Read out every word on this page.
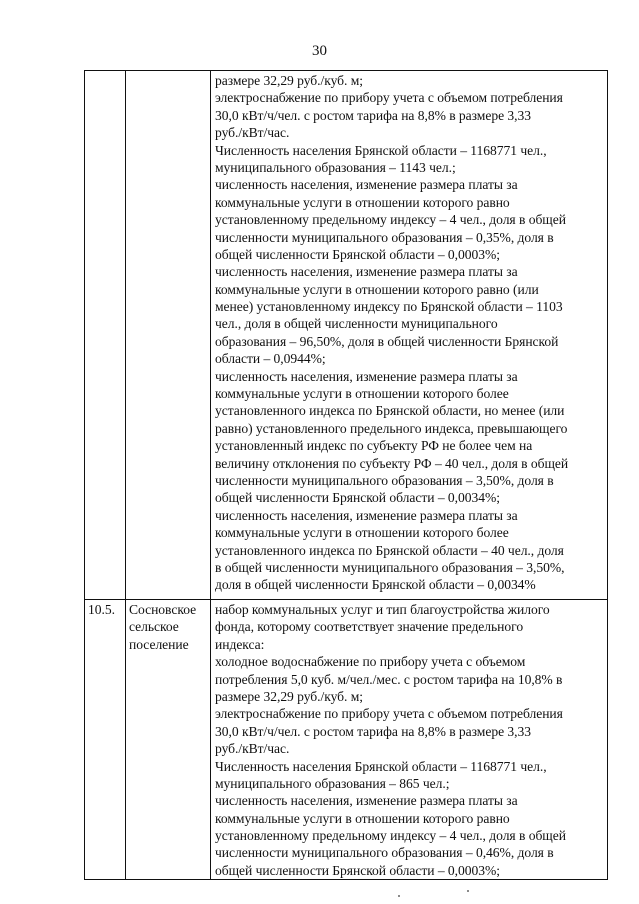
30
размере 32,29 руб./куб. м;
электроснабжение по прибору учета с объемом потребления
30,0 кВт/ч/чел. с ростом тарифа на 8,8% в размере 3,33
руб./кВт/час.
Численность населения Брянской области – 1168771 чел.,
муниципального образования – 1143 чел.;
численность населения, изменение размера платы за
коммунальные услуги в отношении которого равно
установленному предельному индексу – 4 чел., доля в общей
численности муниципального образования – 0,35%, доля в
общей численности Брянской области – 0,0003%;
численность населения, изменение размера платы за
коммунальные услуги в отношении которого равно (или
менее) установленному индексу по Брянской области – 1103
чел., доля в общей численности муниципального
образования – 96,50%, доля в общей численности Брянской
области – 0,0944%;
численность населения, изменение размера платы за
коммунальные услуги в отношении которого более
установленного индекса по Брянской области, но менее (или
равно) установленного предельного индекса, превышающего
установленный индекс по субъекту РФ не более чем на
величину отклонения по субъекту РФ – 40 чел., доля в общей
численности муниципального образования – 3,50%, доля в
общей численности Брянской области – 0,0034%;
численность населения, изменение размера платы за
коммунальные услуги в отношении которого более
установленного индекса по Брянской области – 40 чел., доля
в общей численности муниципального образования – 3,50%,
доля в общей численности Брянской области – 0,0034%
10.5. Сосновское
сельское
поселение
набор коммунальных услуг и тип благоустройства жилого
фонда, которому соответствует значение предельного
индекса:
холодное водоснабжение по прибору учета с объемом
потребления 5,0 куб. м/чел./мес. с ростом тарифа на 10,8% в
размере 32,29 руб./куб. м;
электроснабжение по прибору учета с объемом потребления
30,0 кВт/ч/чел. с ростом тарифа на 8,8% в размере 3,33
руб./кВт/час.
Численность населения Брянской области – 1168771 чел.,
муниципального образования – 865 чел.;
численность населения, изменение размера платы за
коммунальные услуги в отношении которого равно
установленному предельному индексу – 4 чел., доля в общей
численности муниципального образования – 0,46%, доля в
общей численности Брянской области – 0,0003%;
